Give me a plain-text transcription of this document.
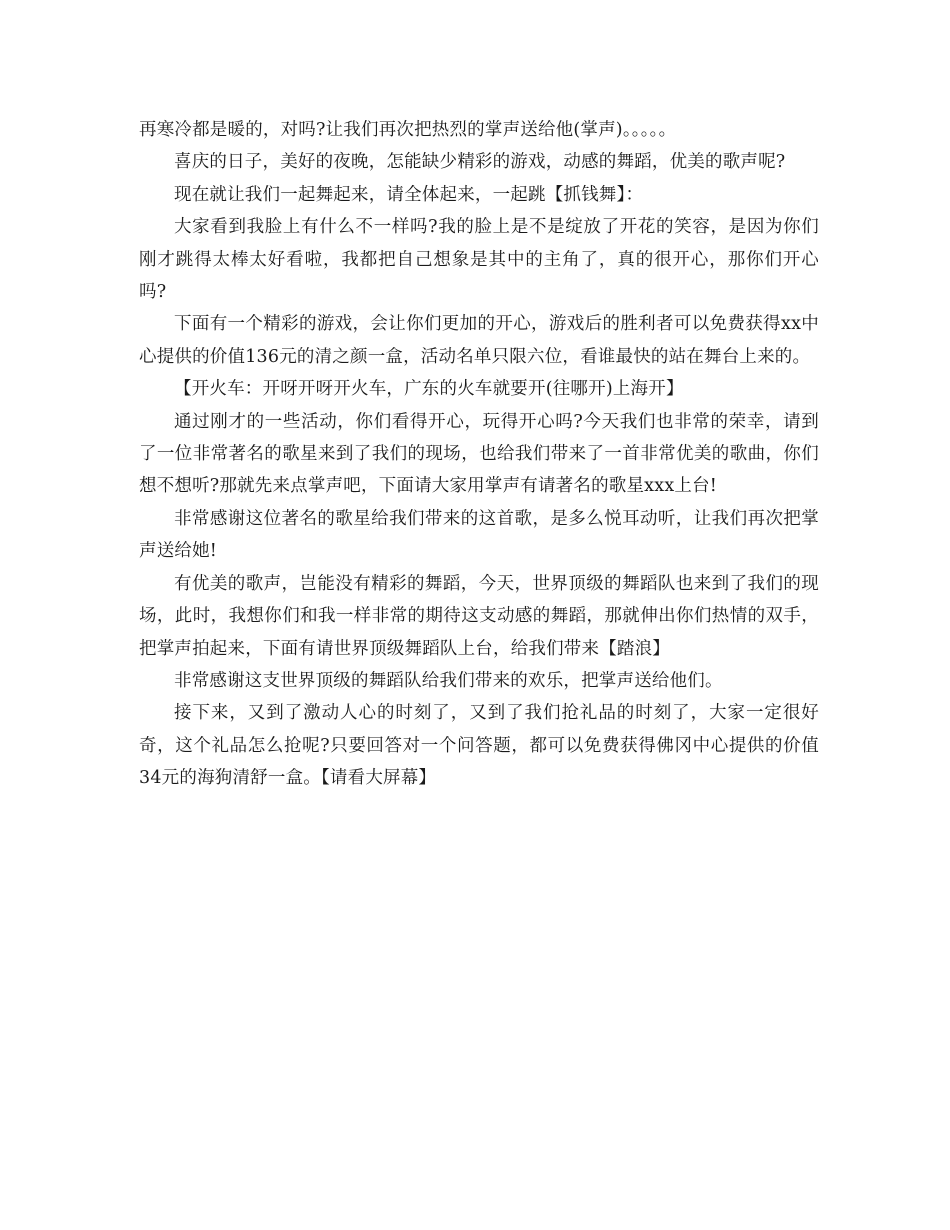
再寒冷都是暖的，对吗?让我们再次把热烈的掌声送给他(掌声)。。。。。

喜庆的日子，美好的夜晚，怎能缺少精彩的游戏，动感的舞蹈，优美的歌声呢?

现在就让我们一起舞起来，请全体起来，一起跳【抓钱舞】：

大家看到我脸上有什么不一样吗?我的脸上是不是绽放了开花的笑容，是因为你们刚才跳得太棒太好看啦，我都把自己想象是其中的主角了，真的很开心，那你们开心吗?

下面有一个精彩的游戏，会让你们更加的开心，游戏后的胜利者可以免费获得xx中心提供的价值136元的清之颜一盒，活动名单只限六位，看谁最快的站在舞台上来的。

【开火车：开呀开呀开火车，广东的火车就要开(往哪开)上海开】

通过刚才的一些活动，你们看得开心，玩得开心吗?今天我们也非常的荣幸，请到了一位非常著名的歌星来到了我们的现场，也给我们带来了一首非常优美的歌曲，你们想不想听?那就先来点掌声吧，下面请大家用掌声有请著名的歌星xxx上台!

非常感谢这位著名的歌星给我们带来的这首歌，是多么悦耳动听，让我们再次把掌声送给她!

有优美的歌声，岂能没有精彩的舞蹈，今天，世界顶级的舞蹈队也来到了我们的现场，此时，我想你们和我一样非常的期待这支动感的舞蹈，那就伸出你们热情的双手，把掌声拍起来，下面有请世界顶级舞蹈队上台，给我们带来【踏浪】

非常感谢这支世界顶级的舞蹈队给我们带来的欢乐，把掌声送给他们。

接下来，又到了激动人心的时刻了，又到了我们抢礼品的时刻了，大家一定很好奇，这个礼品怎么抢呢?只要回答对一个问答题，都可以免费获得佛冈中心提供的价值34元的海狗清舒一盒。【请看大屏幕】
